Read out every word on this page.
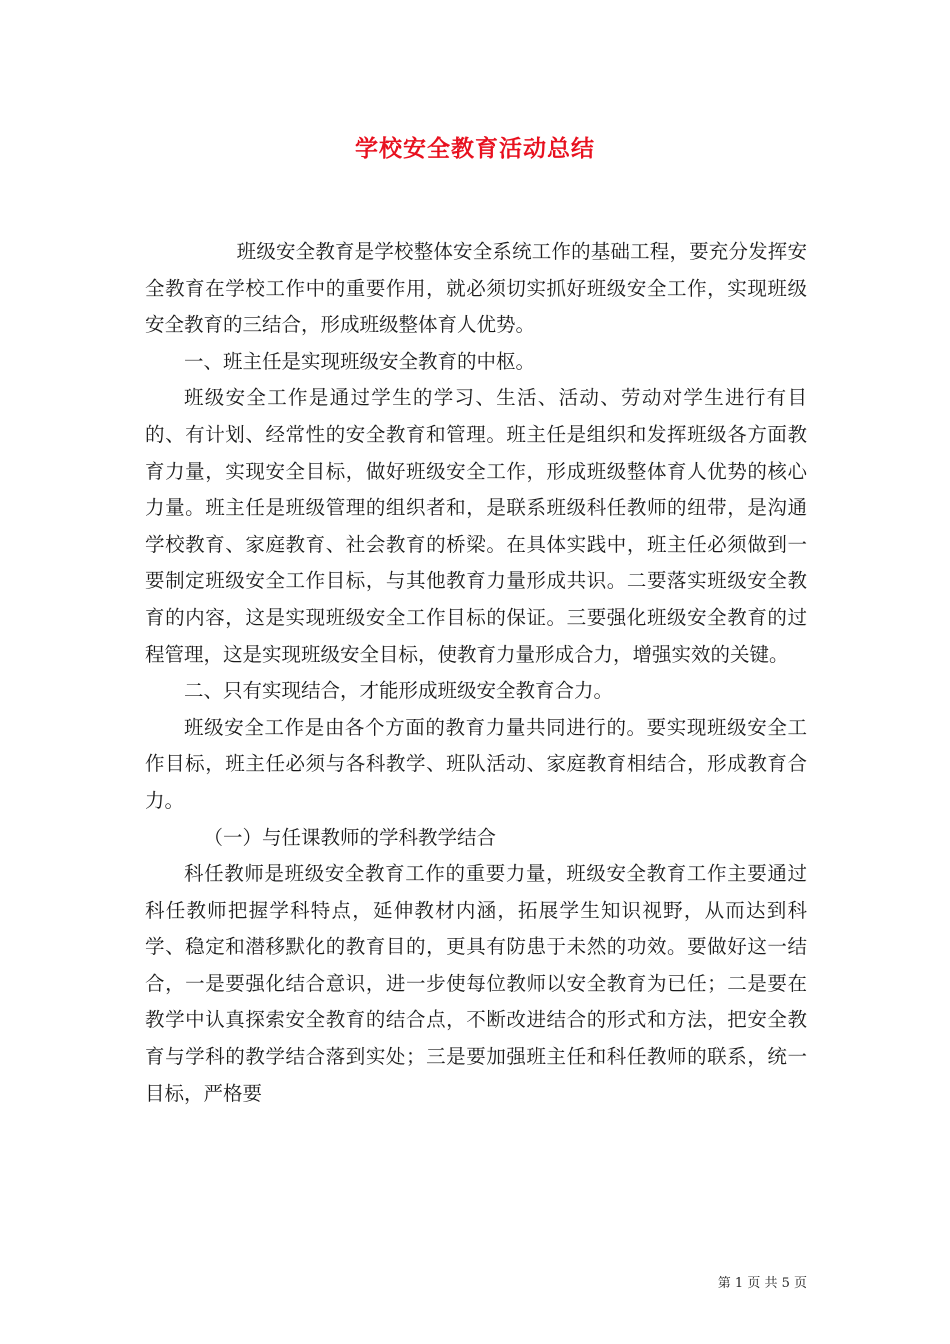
学校安全教育活动总结

班级安全教育是学校整体安全系统工作的基础工程，要充分发挥安全教育在学校工作中的重要作用，就必须切实抓好班级安全工作，实现班级安全教育的三结合，形成班级整体育人优势。

一、班主任是实现班级安全教育的中枢。

班级安全工作是通过学生的学习、生活、活动、劳动对学生进行有目的、有计划、经常性的安全教育和管理。班主任是组织和发挥班级各方面教育力量，实现安全目标，做好班级安全工作，形成班级整体育人优势的核心力量。班主任是班级管理的组织者和，是联系班级科任教师的纽带，是沟通学校教育、家庭教育、社会教育的桥梁。在具体实践中，班主任必须做到一要制定班级安全工作目标，与其他教育力量形成共识。二要落实班级安全教育的内容，这是实现班级安全工作目标的保证。三要强化班级安全教育的过程管理，这是实现班级安全目标，使教育力量形成合力，增强实效的关键。

二、只有实现结合，才能形成班级安全教育合力。

班级安全工作是由各个方面的教育力量共同进行的。要实现班级安全工作目标，班主任必须与各科教学、班队活动、家庭教育相结合，形成教育合力。

（一）与任课教师的学科教学结合

科任教师是班级安全教育工作的重要力量，班级安全教育工作主要通过科任教师把握学科特点，延伸教材内涵，拓展学生知识视野，从而达到科学、稳定和潜移默化的教育目的，更具有防患于未然的功效。要做好这一结合，一是要强化结合意识，进一步使每位教师以安全教育为已任；二是要在教学中认真探索安全教育的结合点，不断改进结合的形式和方法，把安全教育与学科的教学结合落到实处；三是要加强班主任和科任教师的联系，统一目标，严格要

第 1 页 共 5 页
